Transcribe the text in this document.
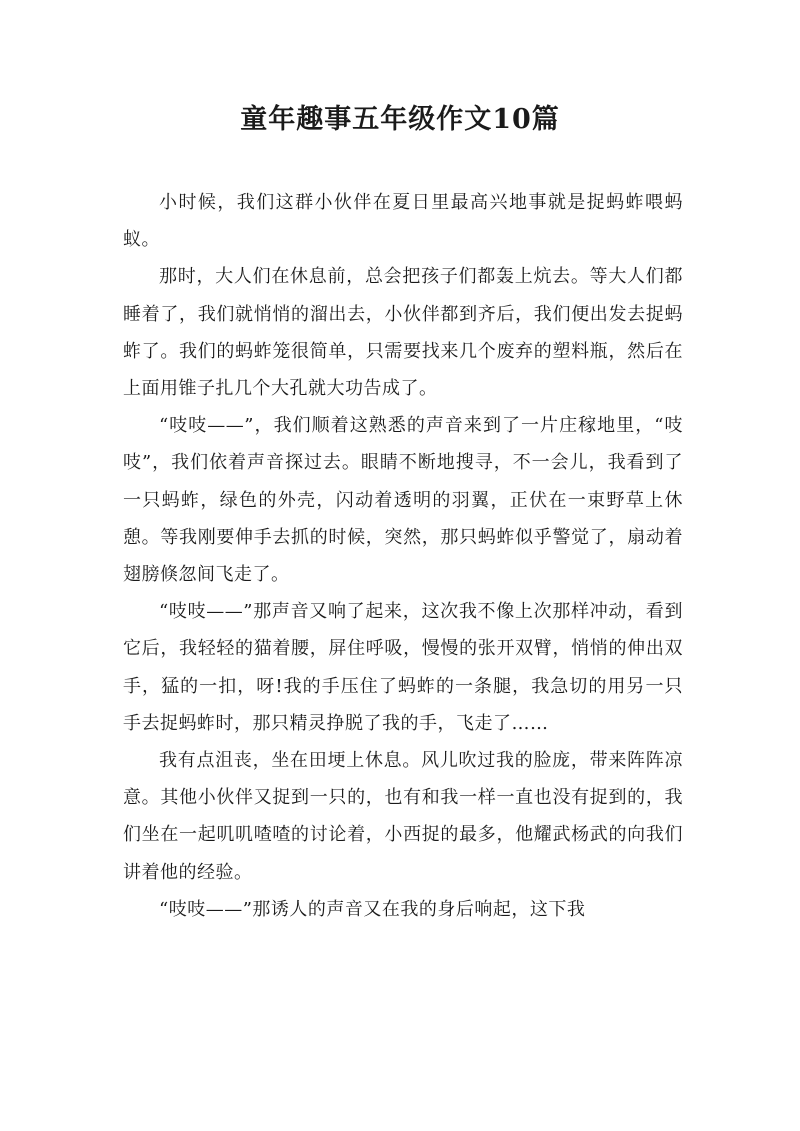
童年趣事五年级作文10篇

小时候，我们这群小伙伴在夏日里最高兴地事就是捉蚂蚱喂蚂蚁。

那时，大人们在休息前，总会把孩子们都轰上炕去。等大人们都睡着了，我们就悄悄的溜出去，小伙伴都到齐后，我们便出发去捉蚂蚱了。我们的蚂蚱笼很简单，只需要找来几个废弃的塑料瓶，然后在上面用锥子扎几个大孔就大功告成了。

“吱吱——”，我们顺着这熟悉的声音来到了一片庄稼地里，“吱吱”，我们依着声音探过去。眼睛不断地搜寻，不一会儿，我看到了一只蚂蚱，绿色的外壳，闪动着透明的羽翼，正伏在一束野草上休憩。等我刚要伸手去抓的时候，突然，那只蚂蚱似乎警觉了，扇动着翅膀倏忽间飞走了。

“吱吱——”那声音又响了起来，这次我不像上次那样冲动，看到它后，我轻轻的猫着腰，屏住呼吸，慢慢的张开双臂，悄悄的伸出双手，猛的一扣，呀!我的手压住了蚂蚱的一条腿，我急切的用另一只手去捉蚂蚱时，那只精灵挣脱了我的手，飞走了……

我有点沮丧，坐在田埂上休息。风儿吹过我的脸庞，带来阵阵凉意。其他小伙伴又捉到一只的，也有和我一样一直也没有捉到的，我们坐在一起叽叽喳喳的讨论着，小西捉的最多，他耀武杨武的向我们讲着他的经验。

“吱吱——”那诱人的声音又在我的身后响起，这下我
